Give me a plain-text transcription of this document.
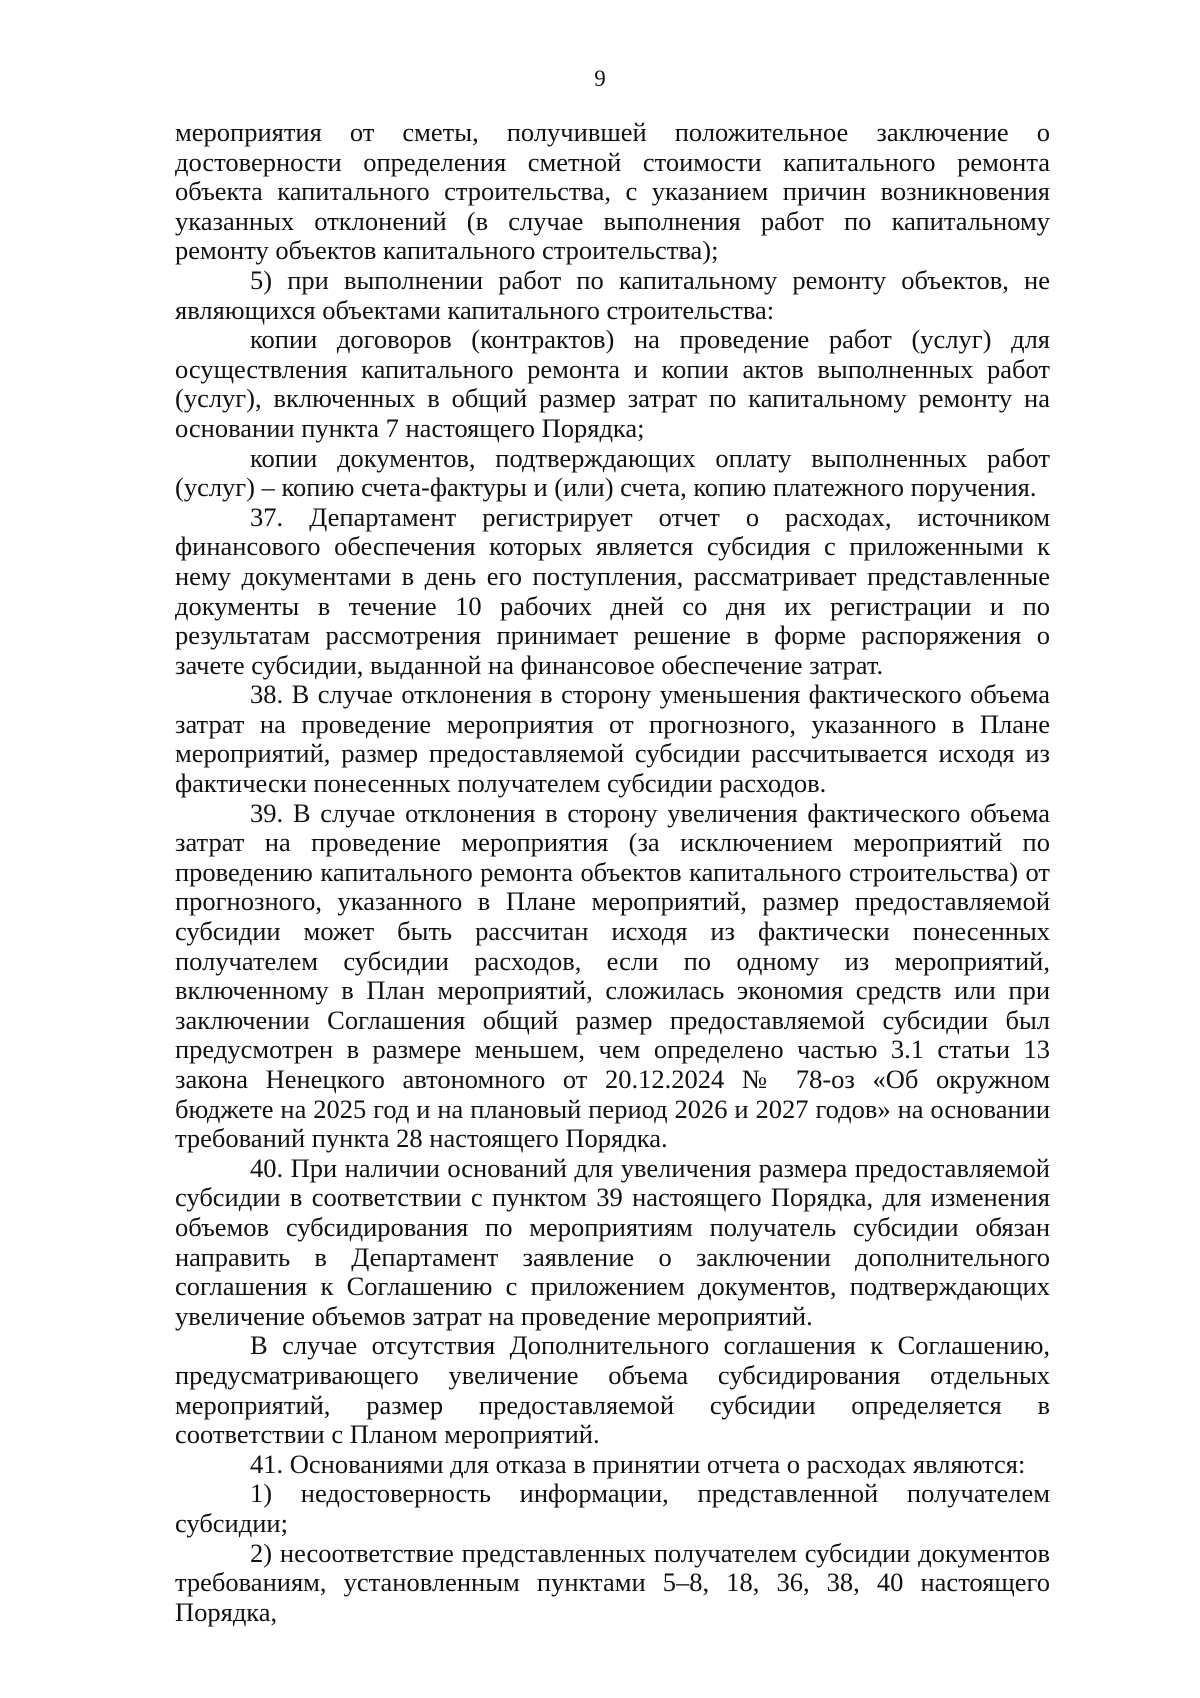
9

мероприятия от сметы, получившей положительное заключение о достоверности определения сметной стоимости капитального ремонта объекта капитального строительства, с указанием причин возникновения указанных отклонений (в случае выполнения работ по капитальному ремонту объектов капитального строительства);

5) при выполнении работ по капитальному ремонту объектов, не являющихся объектами капитального строительства:

копии договоров (контрактов) на проведение работ (услуг) для осуществления капитального ремонта и копии актов выполненных работ (услуг), включенных в общий размер затрат по капитальному ремонту на основании пункта 7 настоящего Порядка;

копии документов, подтверждающих оплату выполненных работ (услуг) – копию счета-фактуры и (или) счета, копию платежного поручения.

37. Департамент регистрирует отчет о расходах, источником финансового обеспечения которых является субсидия с приложенными к нему документами в день его поступления, рассматривает представленные документы в течение 10 рабочих дней со дня их регистрации и по результатам рассмотрения принимает решение в форме распоряжения о зачете субсидии, выданной на финансовое обеспечение затрат.

38. В случае отклонения в сторону уменьшения фактического объема затрат на проведение мероприятия от прогнозного, указанного в Плане мероприятий, размер предоставляемой субсидии рассчитывается исходя из фактически понесенных получателем субсидии расходов.

39. В случае отклонения в сторону увеличения фактического объема затрат на проведение мероприятия (за исключением мероприятий по проведению капитального ремонта объектов капитального строительства) от прогнозного, указанного в Плане мероприятий, размер предоставляемой субсидии может быть рассчитан исходя из фактически понесенных получателем субсидии расходов, если по одному из мероприятий, включенному в План мероприятий, сложилась экономия средств или при заключении Соглашения общий размер предоставляемой субсидии был предусмотрен в размере меньшем, чем определено частью 3.1 статьи 13 закона Ненецкого автономного от 20.12.2024 № 78-оз «Об окружном бюджете на 2025 год и на плановый период 2026 и 2027 годов» на основании требований пункта 28 настоящего Порядка.

40. При наличии оснований для увеличения размера предоставляемой субсидии в соответствии с пунктом 39 настоящего Порядка, для изменения объемов субсидирования по мероприятиям получатель субсидии обязан направить в Департамент заявление о заключении дополнительного соглашения к Соглашению с приложением документов, подтверждающих увеличение объемов затрат на проведение мероприятий.

В случае отсутствия Дополнительного соглашения к Соглашению, предусматривающего увеличение объема субсидирования отдельных мероприятий, размер предоставляемой субсидии определяется в соответствии с Планом мероприятий.

41. Основаниями для отказа в принятии отчета о расходах являются:

1) недостоверность информации, представленной получателем субсидии;

2) несоответствие представленных получателем субсидии документов требованиям, установленным пунктами 5–8, 18, 36, 38, 40 настоящего Порядка,
